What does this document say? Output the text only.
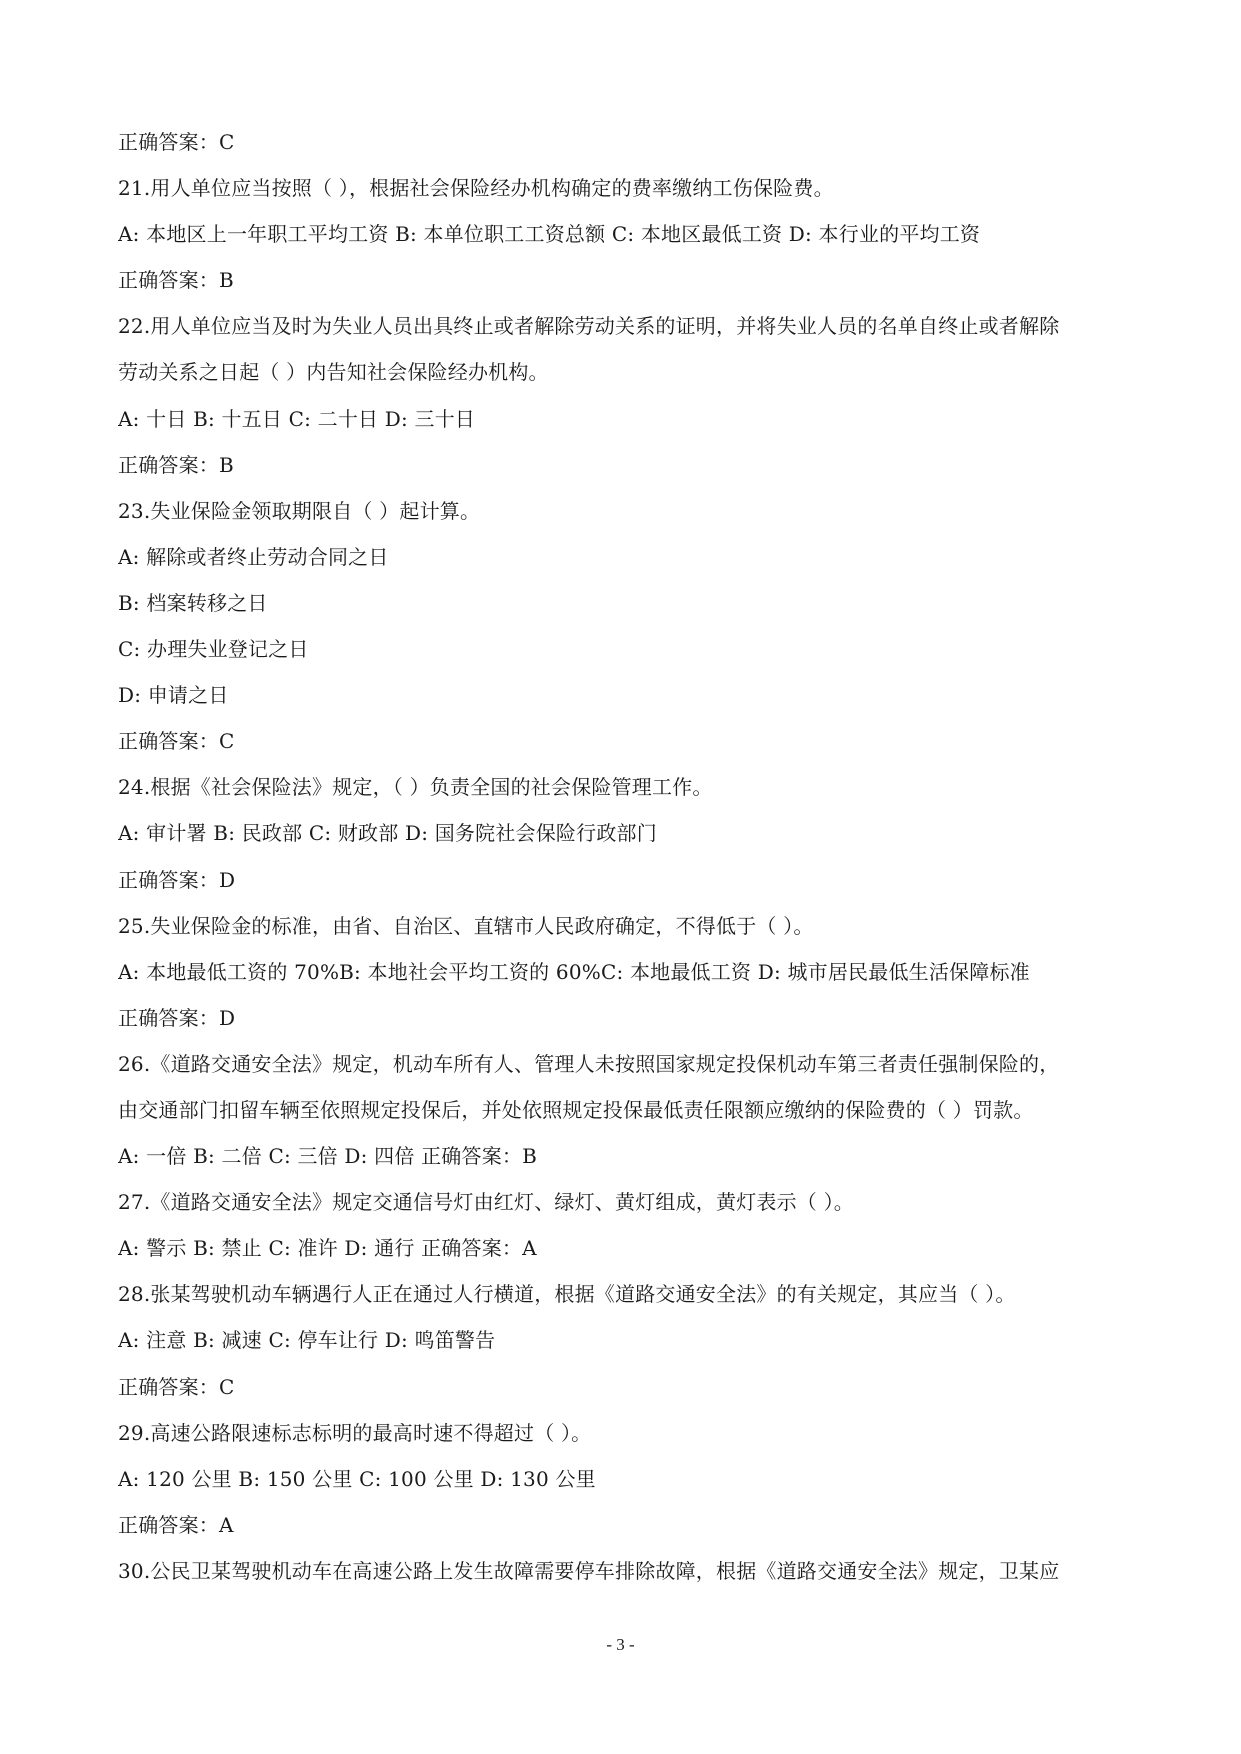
正确答案：C
21.用人单位应当按照（ ），根据社会保险经办机构确定的费率缴纳工伤保险费。
A: 本地区上一年职工平均工资 B: 本单位职工工资总额 C: 本地区最低工资 D: 本行业的平均工资
正确答案：B
22.用人单位应当及时为失业人员出具终止或者解除劳动关系的证明，并将失业人员的名单自终止或者解除
劳动关系之日起（ ）内告知社会保险经办机构。
A: 十日 B: 十五日 C: 二十日 D: 三十日
正确答案：B
23.失业保险金领取期限自（ ）起计算。
A: 解除或者终止劳动合同之日
B: 档案转移之日
C: 办理失业登记之日
D: 申请之日
正确答案：C
24.根据《社会保险法》规定，（ ）负责全国的社会保险管理工作。
A: 审计署 B: 民政部 C: 财政部 D: 国务院社会保险行政部门
正确答案：D
25.失业保险金的标准，由省、自治区、直辖市人民政府确定，不得低于（ ）。
A: 本地最低工资的 70%B: 本地社会平均工资的 60%C: 本地最低工资 D: 城市居民最低生活保障标准
正确答案：D
26.《道路交通安全法》规定，机动车所有人、管理人未按照国家规定投保机动车第三者责任强制保险的，
由交通部门扣留车辆至依照规定投保后，并处依照规定投保最低责任限额应缴纳的保险费的（ ）罚款。
A: 一倍 B: 二倍 C: 三倍 D: 四倍 正确答案：B
27.《道路交通安全法》规定交通信号灯由红灯、绿灯、黄灯组成，黄灯表示（ ）。
A: 警示 B: 禁止 C: 准许 D: 通行 正确答案：A
28.张某驾驶机动车辆遇行人正在通过人行横道，根据《道路交通安全法》的有关规定，其应当（ ）。
A: 注意 B: 减速 C: 停车让行 D: 鸣笛警告
正确答案：C
29.高速公路限速标志标明的最高时速不得超过（ ）。
A: 120 公里 B: 150 公里 C: 100 公里 D: 130 公里
正确答案：A
30.公民卫某驾驶机动车在高速公路上发生故障需要停车排除故障，根据《道路交通安全法》规定，卫某应
- 3 -
